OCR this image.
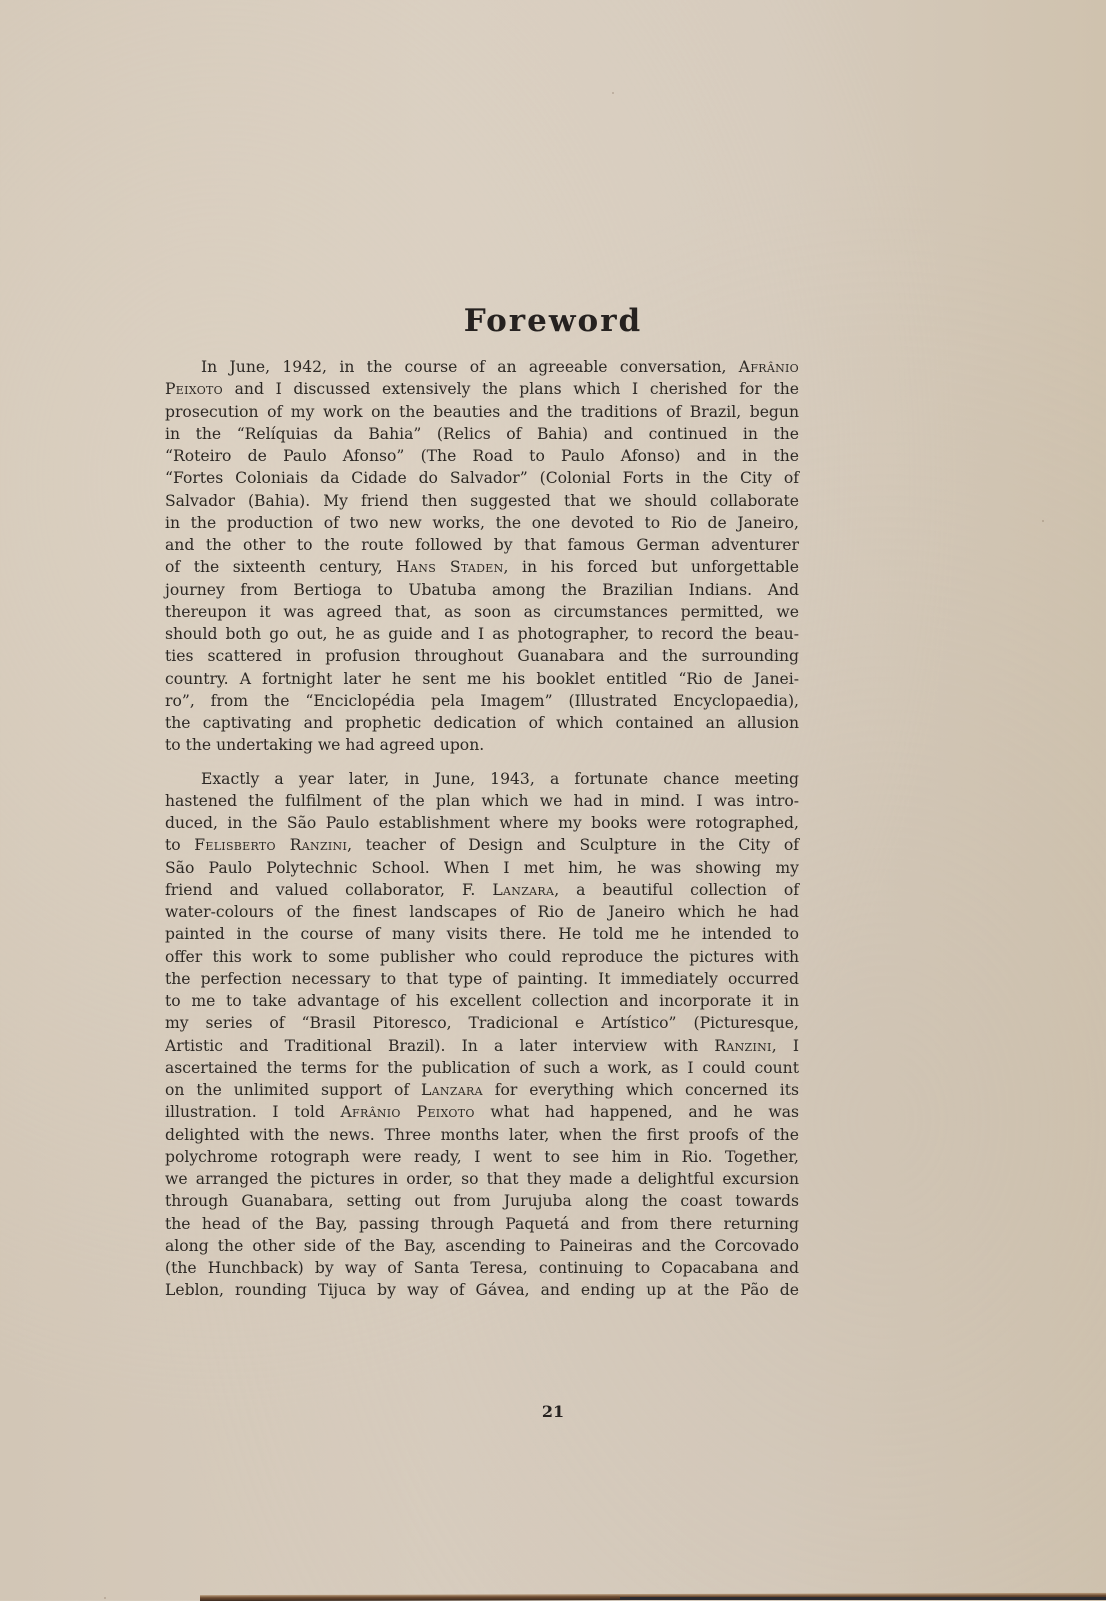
Foreword

In June, 1942, in the course of an agreeable conversation, Afrânio
Peixoto and I discussed extensively the plans which I cherished for the
prosecution of my work on the beauties and the traditions of Brazil, begun
in the “Relíquias da Bahia” (Relics of Bahia) and continued in the
“Roteiro de Paulo Afonso” (The Road to Paulo Afonso) and in the
“Fortes Coloniais da Cidade do Salvador” (Colonial Forts in the City of
Salvador (Bahia). My friend then suggested that we should collaborate
in the production of two new works, the one devoted to Rio de Janeiro,
and the other to the route followed by that famous German adventurer
of the sixteenth century, Hans Staden, in his forced but unforgettable
journey from Bertioga to Ubatuba among the Brazilian Indians. And
thereupon it was agreed that, as soon as circumstances permitted, we
should both go out, he as guide and I as photographer, to record the beau-
ties scattered in profusion throughout Guanabara and the surrounding
country. A fortnight later he sent me his booklet entitled “Rio de Janei-
ro”, from the “Enciclopédia pela Imagem” (Illustrated Encyclopaedia),
the captivating and prophetic dedication of which contained an allusion
to the undertaking we had agreed upon.

Exactly a year later, in June, 1943, a fortunate chance meeting
hastened the fulfilment of the plan which we had in mind. I was intro-
duced, in the São Paulo establishment where my books were rotographed,
to Felisberto Ranzini, teacher of Design and Sculpture in the City of
São Paulo Polytechnic School. When I met him, he was showing my
friend and valued collaborator, F. Lanzara, a beautiful collection of
water-colours of the finest landscapes of Rio de Janeiro which he had
painted in the course of many visits there. He told me he intended to
offer this work to some publisher who could reproduce the pictures with
the perfection necessary to that type of painting. It immediately occurred
to me to take advantage of his excellent collection and incorporate it in
my series of “Brasil Pitoresco, Tradicional e Artístico” (Picturesque,
Artistic and Traditional Brazil). In a later interview with Ranzini, I
ascertained the terms for the publication of such a work, as I could count
on the unlimited support of Lanzara for everything which concerned its
illustration. I told Afrânio Peixoto what had happened, and he was
delighted with the news. Three months later, when the first proofs of the
polychrome rotograph were ready, I went to see him in Rio. Together,
we arranged the pictures in order, so that they made a delightful excursion
through Guanabara, setting out from Jurujuba along the coast towards
the head of the Bay, passing through Paquetá and from there returning
along the other side of the Bay, ascending to Paineiras and the Corcovado
(the Hunchback) by way of Santa Teresa, continuing to Copacabana and
Leblon, rounding Tijuca by way of Gávea, and ending up at the Pão de

21
